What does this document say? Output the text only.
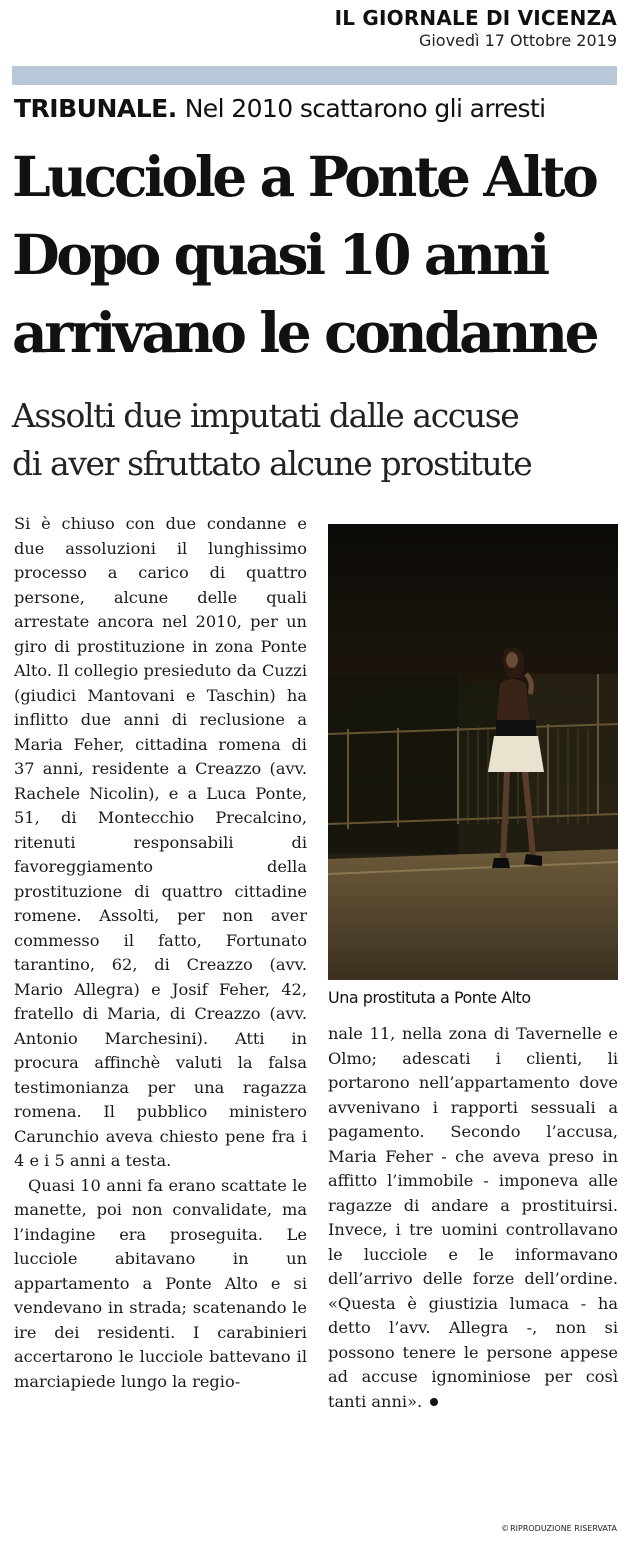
IL GIORNALE DI VICENZA
Giovedì 17 Ottobre 2019
TRIBUNALE. Nel 2010 scattarono gli arresti
Lucciole a Ponte Alto
Dopo quasi 10 anni
arrivano le condanne
Assolti due imputati dalle accuse
di aver sfruttato alcune prostitute

Si è chiuso con due condanne e due assoluzioni il lunghissimo processo a carico di quattro persone, alcune delle quali arrestate ancora nel 2010, per un giro di prostituzione in zona Ponte Alto. Il collegio presieduto da Cuzzi (giudici Mantovani e Taschin) ha inflitto due anni di reclusione a Maria Feher, cittadina romena di 37 anni, residente a Creazzo (avv. Rachele Nicolin), e a Luca Ponte, 51, di Montecchio Precalcino, ritenuti responsabili di favoreggiamento della prostituzione di quattro cittadine romene. Assolti, per non aver commesso il fatto, Fortunato tarantino, 62, di Creazzo (avv. Mario Allegra) e Josif Feher, 42, fratello di Maria, di Creazzo (avv. Antonio Marchesini). Atti in procura affinchè valuti la falsa testimonianza per una ragazza romena. Il pubblico ministero Carunchio aveva chiesto pene fra i 4 e i 5 anni a testa.

Quasi 10 anni fa erano scattate le manette, poi non convalidate, ma l’indagine era proseguita. Le lucciole abitavano in un appartamento a Ponte Alto e si vendevano in strada; scatenando le ire dei residenti. I carabinieri accertarono le lucciole battevano il marciapiede lungo la regio-

Una prostituta a Ponte Alto

nale 11, nella zona di Tavernelle e Olmo; adescati i clienti, li portarono nell’appartamento dove avvenivano i rapporti sessuali a pagamento. Secondo l’accusa, Maria Feher - che aveva preso in affitto l’immobile - imponeva alle ragazze di andare a prostituirsi. Invece, i tre uomini controllavano le lucciole e le informavano dell’arrivo delle forze dell’ordine. «Questa è giustizia lumaca - ha detto l’avv. Allegra -, non si possono tenere le persone appese ad accuse ignominiose per così tanti anni».

©RIPRODUZIONE RISERVATA
